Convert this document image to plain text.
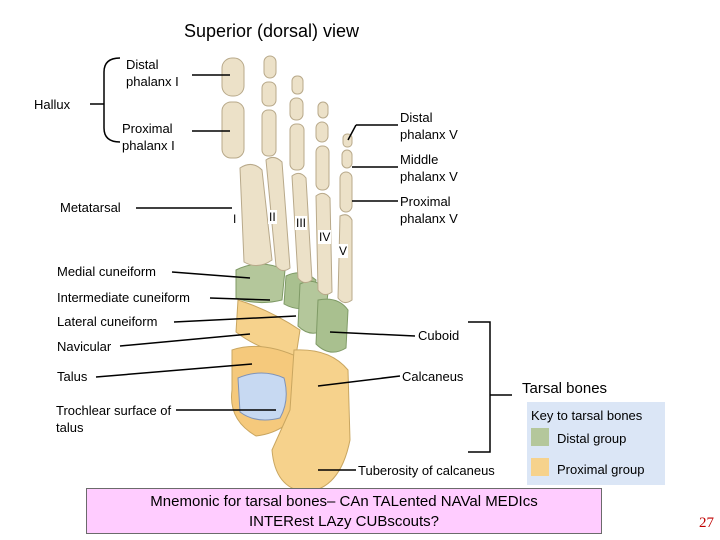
Superior (dorsal) view
I	II III
IV
V
Distal phalanx I
Hallux
Proximal phalanx I
Distal phalanx V
Middle phalanx V
Proximal phalanx V
Metatarsal
Medial cuneiform
Intermediate cuneiform
Lateral cuneiform
Navicular
Cuboid
Talus	Calcaneus
Trochlear surface of talus
Tuberosity of calcaneus
Tarsal bones
Key to tarsal bones
Distal group
Proximal group
Mnemonic for tarsal bones– CAn TALented NAVal MEDIcs
INTERest LAzy CUBscouts?	27
